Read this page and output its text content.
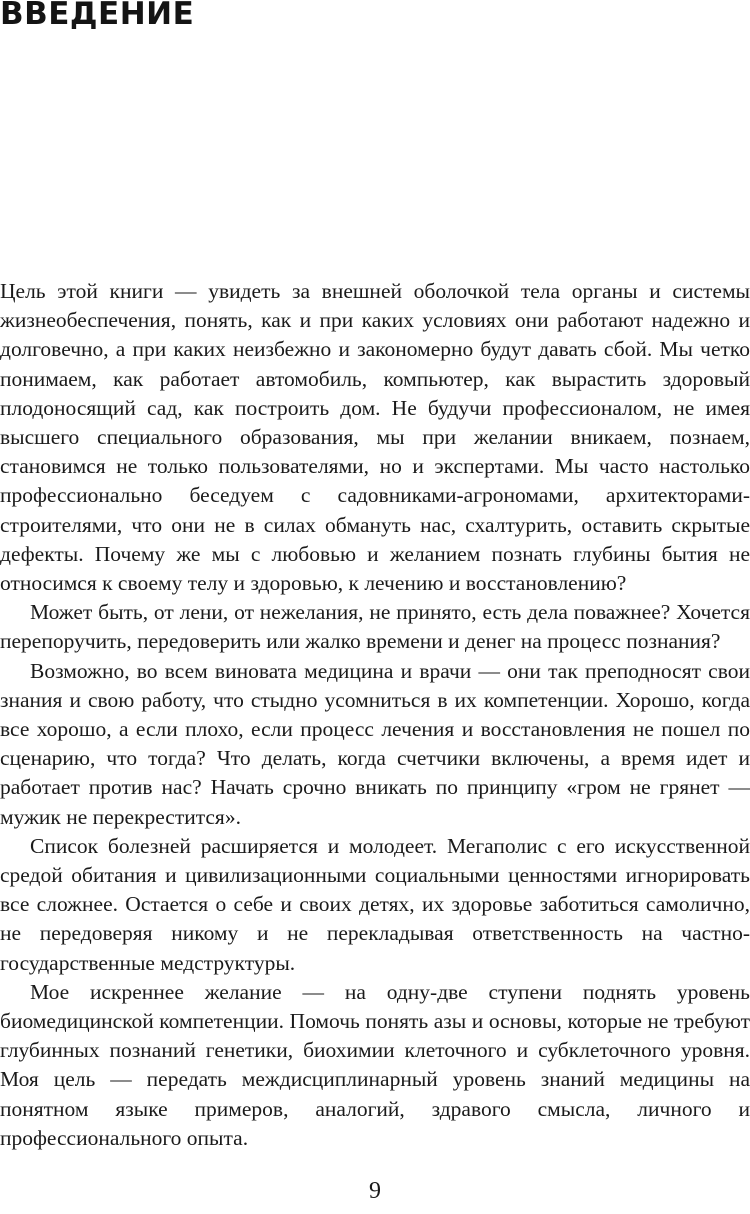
ВВЕДЕНИЕ

Цель этой книги — увидеть за внешней оболочкой тела органы и системы жизнеобеспечения, понять, как и при каких условиях они работают надежно и долговечно, а при каких неизбежно и закономерно будут давать сбой. Мы четко понимаем, как работает автомобиль, компьютер, как вырастить здоровый плодоносящий сад, как построить дом. Не будучи профессионалом, не имея высшего специального образования, мы при желании вникаем, познаем, становимся не только пользователями, но и экспертами. Мы часто настолько профессионально беседуем с садовниками-агрономами, архитекторами-строителями, что они не в силах обмануть нас, схалтурить, оставить скрытые дефекты. Почему же мы с любовью и желанием познать глубины бытия не относимся к своему телу и здоровью, к лечению и восстановлению?

Может быть, от лени, от нежелания, не принято, есть дела поважнее? Хочется перепоручить, передоверить или жалко времени и денег на процесс познания?

Возможно, во всем виновата медицина и врачи — они так преподносят свои знания и свою работу, что стыдно усомниться в их компетенции. Хорошо, когда все хорошо, а если плохо, если процесс лечения и восстановления не пошел по сценарию, что тогда? Что делать, когда счетчики включены, а время идет и работает против нас? Начать срочно вникать по принципу «гром не грянет — мужик не перекрестится».

Список болезней расширяется и молодеет. Мегаполис с его искусственной средой обитания и цивилизационными социальными ценностями игнорировать все сложнее. Остается о себе и своих детях, их здоровье заботиться самолично, не передоверяя никому и не перекладывая ответственность на частно-государственные медструктуры.

Мое искреннее желание — на одну-две ступени поднять уровень биомедицинской компетенции. Помочь понять азы и основы, которые не требуют глубинных познаний генетики, биохимии клеточного и субклеточного уровня. Моя цель — передать междисциплинарный уровень знаний медицины на понятном языке примеров, аналогий, здравого смысла, личного и профессионального опыта.

9
